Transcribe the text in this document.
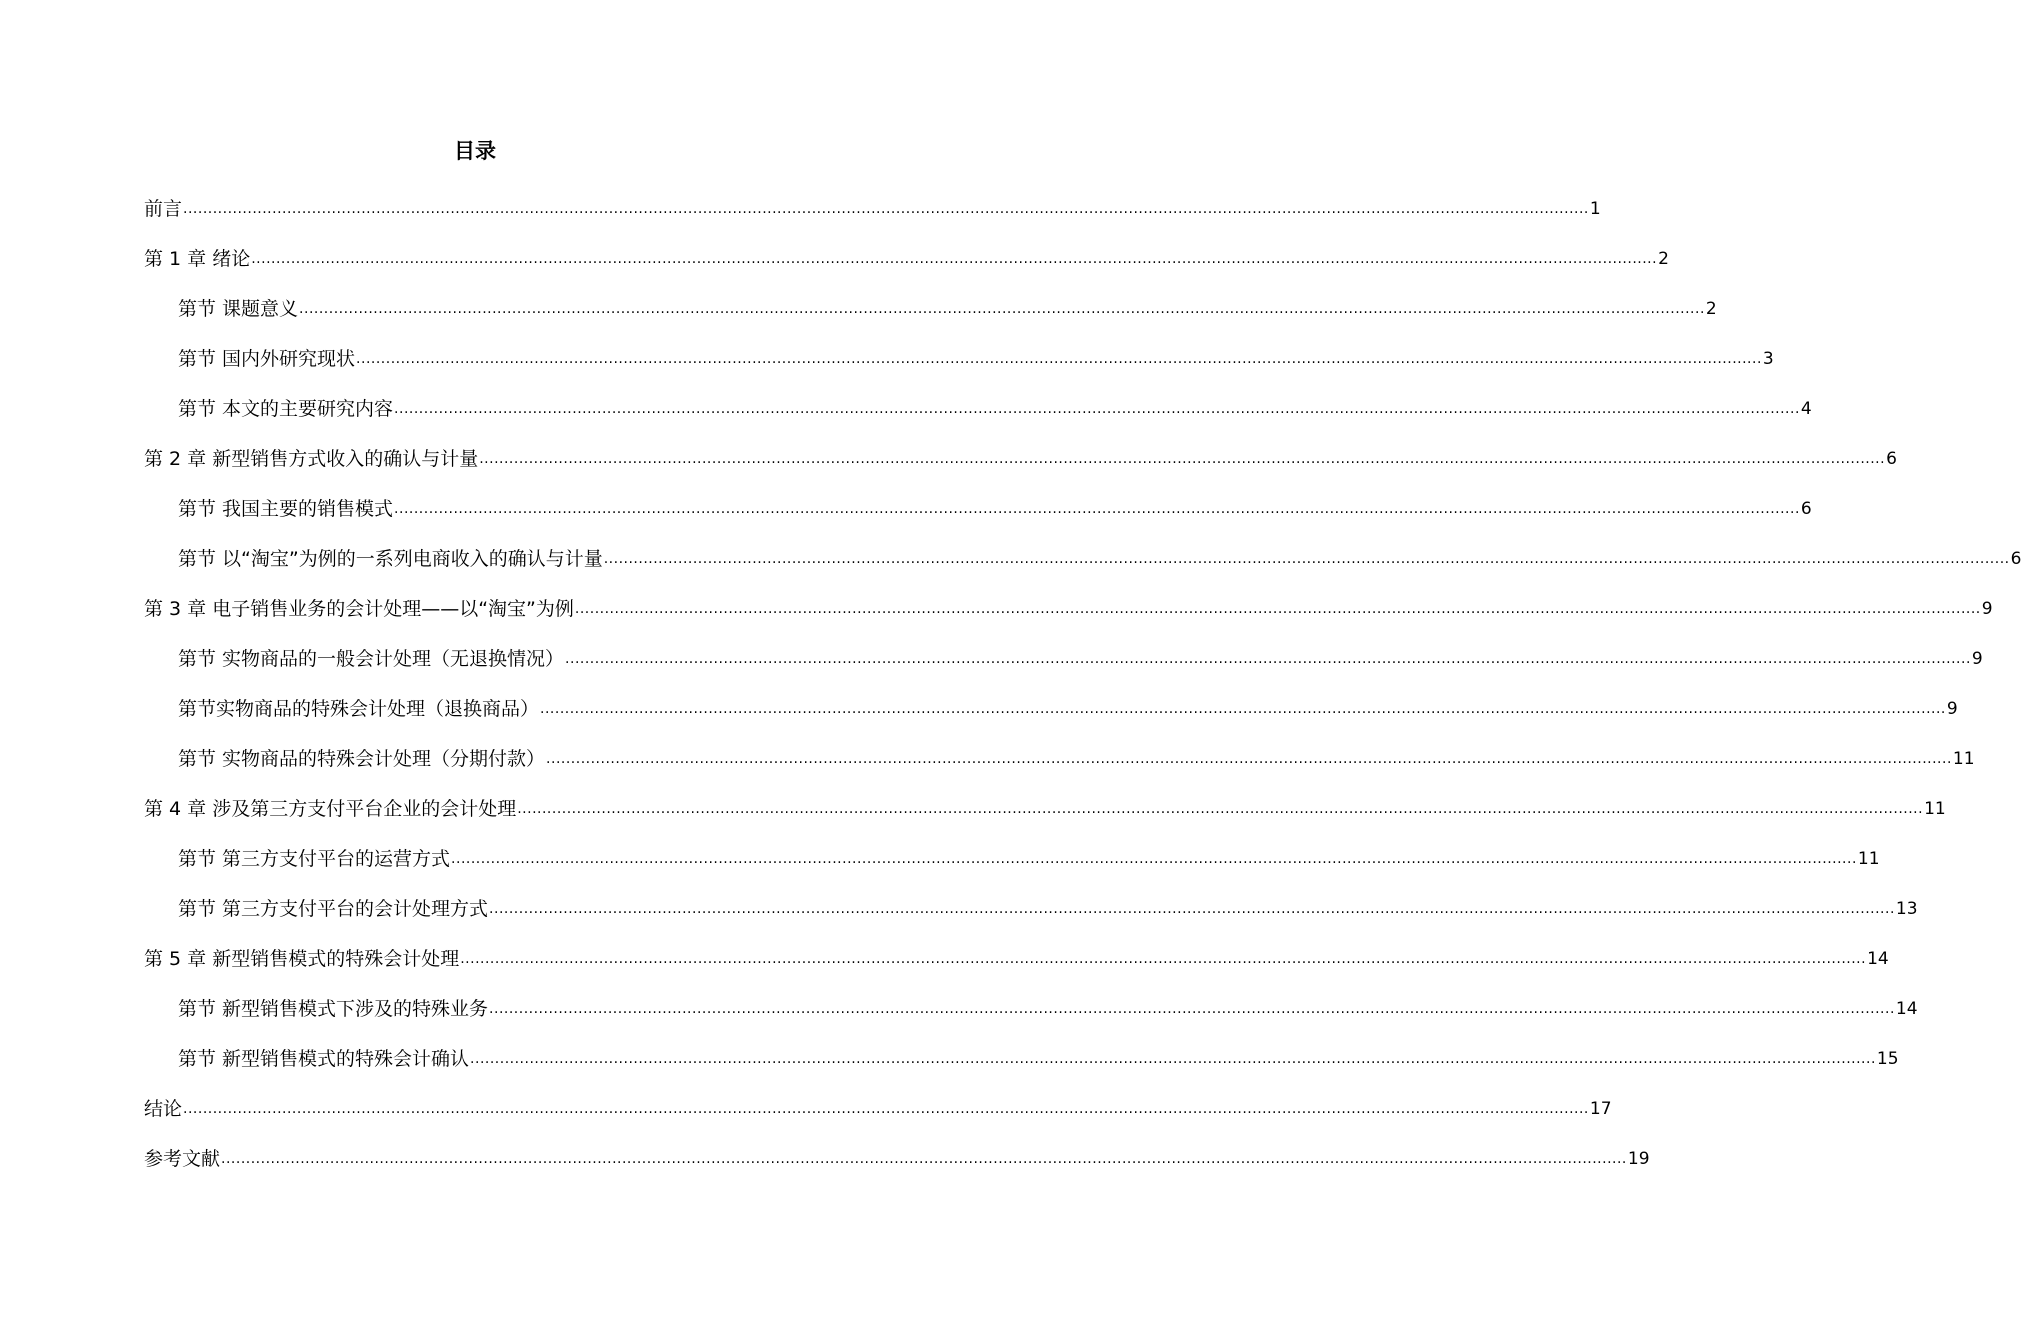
目录
前言 ............................................................................................................................................................................................................................................................................................ 1
第 1 章 绪论 ............................................................................................................................................................................................................................................................................................ 2
第节 课题意义 ............................................................................................................................................................................................................................................................................................ 2
第节 国内外研究现状 ............................................................................................................................................................................................................................................................................................ 3
第节 本文的主要研究内容 ............................................................................................................................................................................................................................................................................................ 4
第 2 章 新型销售方式收入的确认与计量 ............................................................................................................................................................................................................................................................................................ 6
第节 我国主要的销售模式 ............................................................................................................................................................................................................................................................................................ 6
第节 以“淘宝”为例的一系列电商收入的确认与计量 ............................................................................................................................................................................................................................................................................................ 6
第 3 章 电子销售业务的会计处理——以“淘宝”为例 ............................................................................................................................................................................................................................................................................................ 9
第节 实物商品的一般会计处理（无退换情况） ............................................................................................................................................................................................................................................................................................ 9
第节实物商品的特殊会计处理（退换商品） ............................................................................................................................................................................................................................................................................................ 9
第节 实物商品的特殊会计处理（分期付款） ............................................................................................................................................................................................................................................................................................ 11
第 4 章 涉及第三方支付平台企业的会计处理 ............................................................................................................................................................................................................................................................................................ 11
第节 第三方支付平台的运营方式 ............................................................................................................................................................................................................................................................................................ 11
第节 第三方支付平台的会计处理方式 ............................................................................................................................................................................................................................................................................................ 13
第 5 章 新型销售模式的特殊会计处理 ............................................................................................................................................................................................................................................................................................ 14
第节 新型销售模式下涉及的特殊业务 ............................................................................................................................................................................................................................................................................................ 14
第节 新型销售模式的特殊会计确认 ............................................................................................................................................................................................................................................................................................ 15
结论 ............................................................................................................................................................................................................................................................................................ 17
参考文献 ............................................................................................................................................................................................................................................................................................ 19
